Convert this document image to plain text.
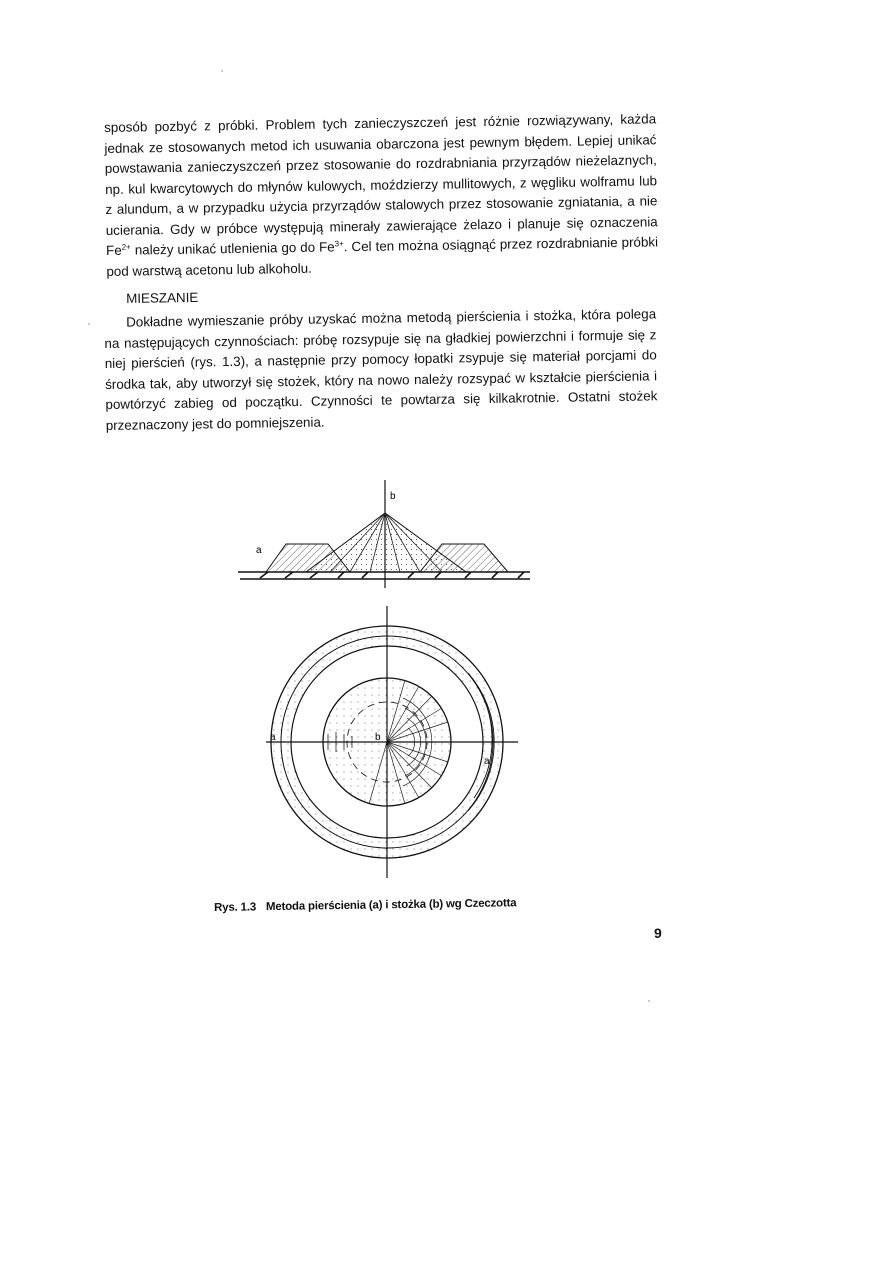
sposób pozbyć z próbki. Problem tych zanieczyszczeń jest różnie rozwiązywany, każda jednak ze stosowanych metod ich usuwania obarczona jest pewnym błędem. Lepiej unikać powstawania zanieczyszczeń przez stosowanie do rozdrabniania przyrządów nieżelaznych, np. kul kwarcytowych do młynów kulowych, moździerzy mullitowych, z węgliku wolframu lub z alundum, a w przypadku użycia przyrządów stalowych przez stosowanie zgniatania, a nie ucierania. Gdy w próbce występują minerały zawierające żelazo i planuje się oznaczenia $Fe^{2+}$ należy unikać utlenienia go do $Fe^{3+}$. Cel ten można osiągnąć przez rozdrabnianie próbki pod warstwą acetonu lub alkoholu.

MIESZANIE

Dokładne wymieszanie próby uzyskać można metodą pierścienia i stożka, która polega na następujących czynnościach: próbę rozsypuje się na gładkiej powierzchni i formuje się z niej pierścień (rys. 1.3), a następnie przy pomocy łopatki zsypuje się materiał porcjami do środka tak, aby utworzył się stożek, który na nowo należy rozsypać w kształcie pierścienia i powtórzyć zabieg od początku. Czynności te powtarza się kilkakrotnie. Ostatni stożek przeznaczony jest do pomniejszenia.

a
b
a	b
a
Rys. 1.3 Metoda pierścienia (a) i stożka (b) wg Czeczotta
9
